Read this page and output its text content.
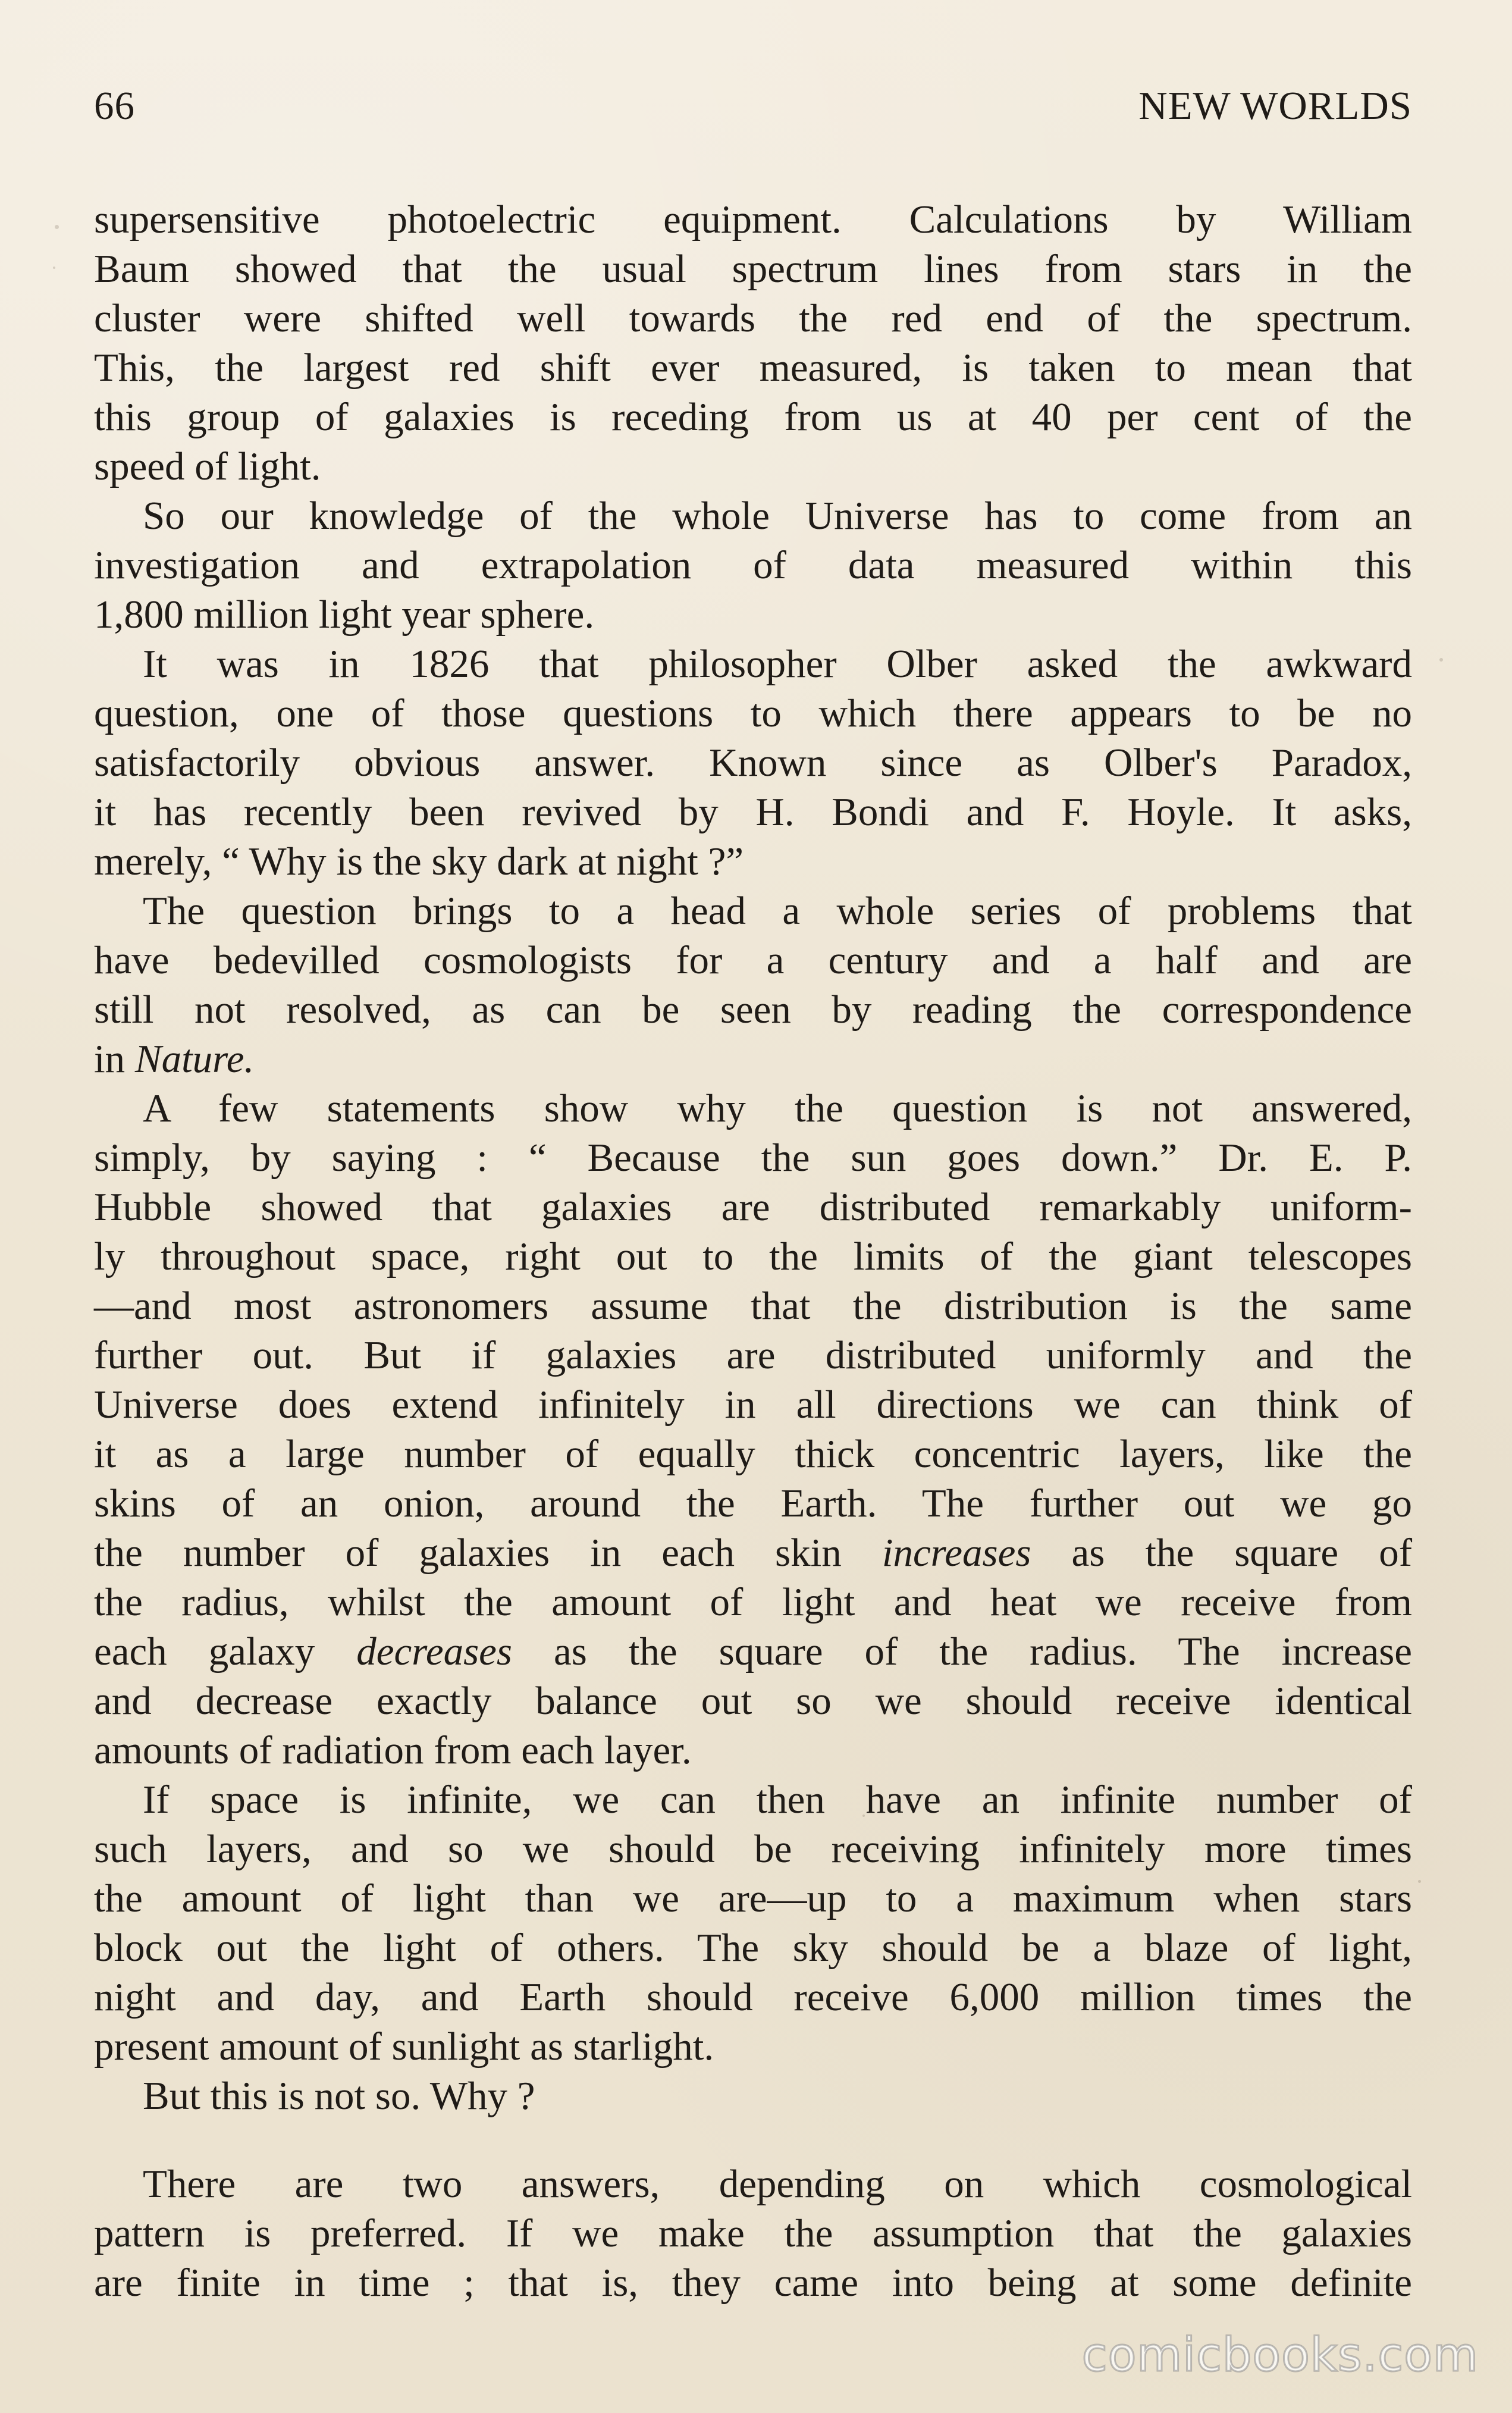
66	NEW WORLDS
supersensitive photoelectric equipment. Calculations by William
Baum showed that the usual spectrum lines from stars in the
cluster were shifted well towards the red end of the spectrum.
This, the largest red shift ever measured, is taken to mean that
this group of galaxies is receding from us at 40 per cent of the
speed of light.
So our knowledge of the whole Universe has to come from an
investigation and extrapolation of data measured within this
1,800 million light year sphere.
It was in 1826 that philosopher Olber asked the awkward
question, one of those questions to which there appears to be no
satisfactorily obvious answer. Known since as Olber's Paradox,
it has recently been revived by H. Bondi and F. Hoyle. It asks,
merely, “ Why is the sky dark at night ?”
The question brings to a head a whole series of problems that
have bedevilled cosmologists for a century and a half and are
still not resolved, as can be seen by reading the correspondence
in Nature.
A few statements show why the question is not answered,
simply, by saying : “ Because the sun goes down.” Dr. E. P.
Hubble showed that galaxies are distributed remarkably uniform-
ly throughout space, right out to the limits of the giant telescopes
—and most astronomers assume that the distribution is the same
further out. But if galaxies are distributed uniformly and the
Universe does extend infinitely in all directions we can think of
it as a large number of equally thick concentric layers, like the
skins of an onion, around the Earth. The further out we go
the number of galaxies in each skin increases as the square of
the radius, whilst the amount of light and heat we receive from
each galaxy decreases as the square of the radius. The increase
and decrease exactly balance out so we should receive identical
amounts of radiation from each layer.
If space is infinite, we can then have an infinite number of
such layers, and so we should be receiving infinitely more times
the amount of light than we are—up to a maximum when stars
block out the light of others. The sky should be a blaze of light,
night and day, and Earth should receive 6,000 million times the
present amount of sunlight as starlight.
But this is not so. Why ?
There are two answers, depending on which cosmological
pattern is preferred. If we make the assumption that the galaxies
are finite in time ; that is, they came into being at some definite
comicbooks.com
